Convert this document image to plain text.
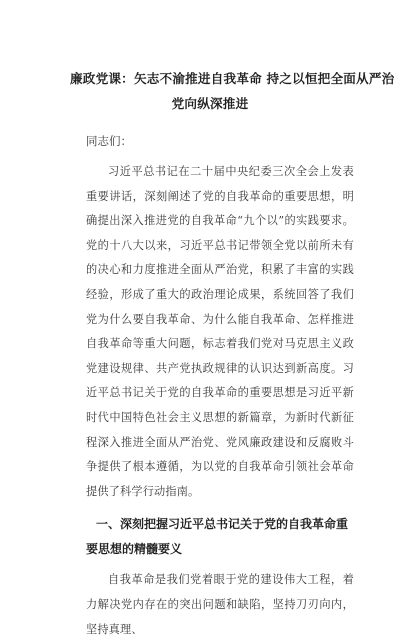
廉政党课：矢志不渝推进自我革命 持之以恒把全面从严治
党向纵深推进

同志们：

习近平总书记在二十届中央纪委三次全会上发表重要讲话，深刻阐述了党的自我革命的重要思想，明确提出深入推进党的自我革命“九个以”的实践要求。党的十八大以来，习近平总书记带领全党以前所未有的决心和力度推进全面从严治党，积累了丰富的实践经验，形成了重大的政治理论成果，系统回答了我们党为什么要自我革命、为什么能自我革命、怎样推进自我革命等重大问题，标志着我们党对马克思主义政党建设规律、共产党执政规律的认识达到新高度。习近平总书记关于党的自我革命的重要思想是习近平新时代中国特色社会主义思想的新篇章，为新时代新征程深入推进全面从严治党、党风廉政建设和反腐败斗争提供了根本遵循，为以党的自我革命引领社会革命提供了科学行动指南。

一、深刻把握习近平总书记关于党的自我革命重要思想的精髓要义

自我革命是我们党着眼于党的建设伟大工程，着力解决党内存在的突出问题和缺陷，坚持刀刃向内，坚持真理、
